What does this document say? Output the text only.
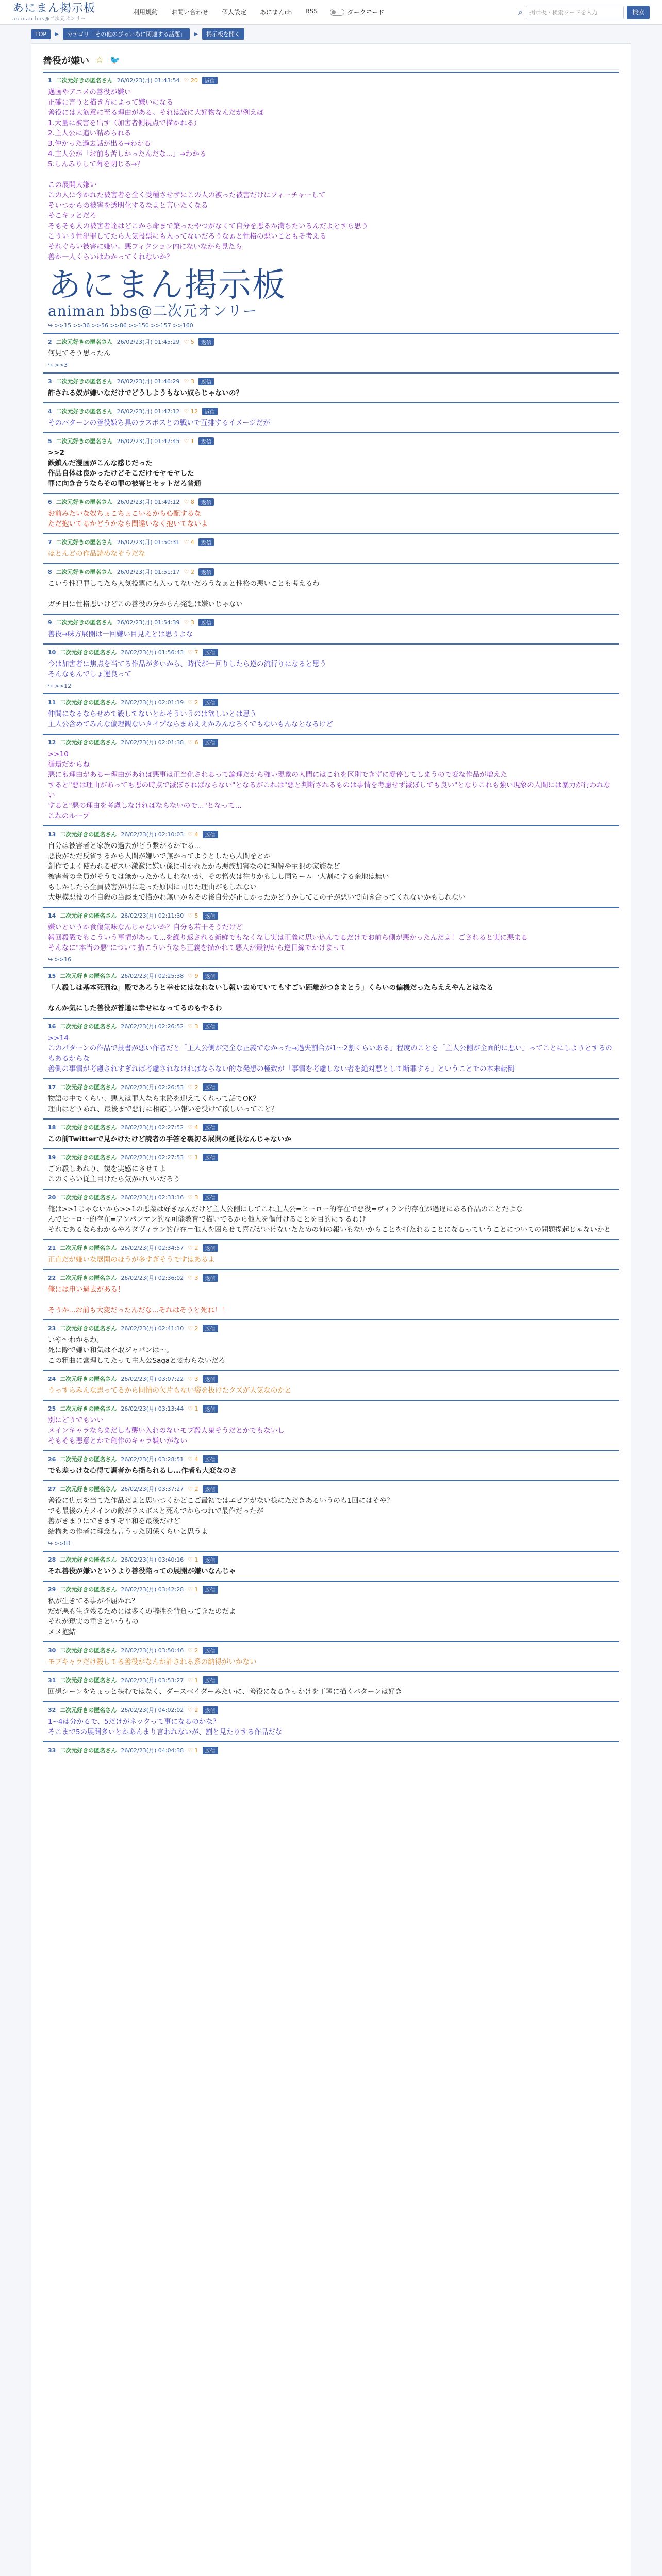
あにまん掲示板
animan bbs@二次元オンリー
利用規約 お問い合わせ 個人設定 あにまんch RSS	ダークモード	⌕	掲示板・検索ワードを入力	検索
TOP	▶	カテゴリ「その他のぴゃいあに関連する話題」	▶	掲示板を開く
善役が嫌い ☆ 🐦
1 二次元好きの匿名さん 26/02/23(月) 01:43:54 ♡ 20	返信
邁画やアニメの善役が嫌い
正確に言うと描き方によって嫌いになる
善役には大筋意に至る理由がある。それは読に大好物なんだが例えば
1.大量に被害を出す（加害者側視点で描かれる）
2.主人公に追い詰められる
3.仲かった過去話が出る→わかる
4.主人公が「お前も苦しかったんだな...」→わかる
5.しんみりして幕を閉じる→？
この展開大嫌い
この人に今かれた被害者を全く受種させずにこの人の被った被害だけにフィーチャーして
そいつからの被害を透明化するなよと言いたくなる
そこキッとだろ
そもそも人の被害者達はどこから命まで築ったやつがなくて自分を悪るか満ちたいるんだよとすら思う
こういう性犯罪してたら人気投票にも入ってないだろうなぁと性格の悪いこともそ考える
それぐらい被害に嫌い。悪フィクション内にないなから見たら
善か一人くらいはわかってくれないか？
あにまん掲示板
animan bbs@二次元オンリー
↪ >>15 >>36 >>56 >>86 >>150 >>157 >>160
2 二次元好きの匿名さん 26/02/23(月) 01:45:29 ♡ 5	返信
何見てそう思ったん
↪ >>3
3 二次元好きの匿名さん 26/02/23(月) 01:46:29 ♡ 3	返信
許される奴が嫌いなだけでどうしようもない奴らじゃないの？
4 二次元好きの匿名さん 26/02/23(月) 01:47:12 ♡ 12	返信
そのパターンの善役嫌ち具のラスボスとの戦いで互排するイメージだが
5 二次元好きの匿名さん 26/02/23(月) 01:47:45 ♡ 1	返信
>>2
鉄鎖んだ漫画がこんな感じだった
作品自体は良かったけどそこだけモヤモヤした
罪に向き合うならその罪の被害とセットだろ普通
6 二次元好きの匿名さん 26/02/23(月) 01:49:12 ♡ 8	返信
お前みたいな奴ちょこちょこいるから心配するな
ただ抱いてるかどうかなら間違いなく抱いてないよ
7 二次元好きの匿名さん 26/02/23(月) 01:50:31 ♡ 4	返信
ほとんどの作品読めなそうだな
8 二次元好きの匿名さん 26/02/23(月) 01:51:17 ♡ 2	返信
こいう性犯罪してたら人気投票にも入ってないだろうなぁと性格の悪いことも考えるわ

ガチ目に性格悪いけどこの善役の分からん発想は嫌いじゃない
9 二次元好きの匿名さん 26/02/23(月) 01:54:39 ♡ 3	返信
善役→味方展開は一回嫌い目見えとは思うよな
10 二次元好きの匿名さん 26/02/23(月) 01:56:43 ♡ 7	返信
今は加害者に焦点を当てる作品が多いから、時代が一回りしたら逆の流行りになると思う
そんなもんでしょ運良って
↪ >>12
11 二次元好きの匿名さん 26/02/23(月) 02:01:19 ♡ 2	返信
仲間になるならせめて殺してないとかそういうのは欲しいとは思う
主人公含めてみんな偏理観ないタイプならまあええかみんなろくでもないもんなとなるけど
12 二次元好きの匿名さん 26/02/23(月) 02:01:38 ♡ 6	返信
>>10
循環だからね
悪にも理由があるー理由があれば悪事は正当化されるって論理だから強い現象の人間にはこれを区別できずに凝停してしまうので変な作品が増えた
すると"悪は理由があっても悪の時点で滅ぼさねばならない"となるがこれは"悪と判断されるものは事情を考慮せず滅ぼしても良い"となりこれも強い現象の人間には暴力が行われない
すると"悪の理由を考慮しなければならないので..."となって...
これのループ
13 二次元好きの匿名さん 26/02/23(月) 02:10:03 ♡ 4	返信
自分は被害者と家族の過去がどう繋がるかでる...
悪役がただ反省するから人間が嫌いで無かってようとしたら人間をとか
創作でよく使われるぜスい激激に嫌い係に引かれたから悪族加害なのに理解や主犯の家族など
被害者の全員がそうでは無かったかもしれないが、その憎火は往りかもしし同ちーム一人割にする余地は無い
もしかしたら全員被害が明に走った原因に同じた理由がもしれない
大規模悪役の不自殺の当談まで描かれ無いかもその後自分が正しかったかどうかしてこの子が悪いで向き合ってくれないかもしれない
14 二次元好きの匿名さん 26/02/23(月) 02:11:30 ♡ 5	返信
嫌いというか食傷気味なんじゃないか？自分も若干そうだけど
報回殺戮でもこういう事情があって...を繰り返される新鮮でもなくなし実は正義に思い込んでるだけでお前ら側が悪かったんだよ！ごされると実に悪まる
そんなに"本当の悪"について描こういうなら正義を描かれて悪人が最初から逆目線でかけまって
↪ >>16
15 二次元好きの匿名さん 26/02/23(月) 02:25:38 ♡ 9	返信
「人殺しは基本死刑ね」殿であろうと幸せにはなれないし報い去めていてもすごい距離がつきまとう」くらいの偏機だったらええやんとはなる

なんか気にした善役が普通に幸せになってるのもやるわ
16 二次元好きの匿名さん 26/02/23(月) 02:26:52 ♡ 3	返信
>>14
このパターンの作品で投書が悪い作者だと「主人公側が完全な正義でなかった→過失割合が1～2割くらいある」程度のことを「主人公側が全面的に悪い」ってことにしようとするのもあるからな
善側の事情が考慮されすぎれば考慮されなければならない的な発想の極致が「事情を考慮しない者を絶対悪として断罪する」ということでの本末転倒
17 二次元好きの匿名さん 26/02/23(月) 02:26:53 ♡ 2	返信
物語の中でくらい、悪人は罪人なら末路を迎えてくれって話でOK？
理由はどうあれ、最後まで悪行に相応しい報いを受けて欲しいってこと？
18 二次元好きの匿名さん 26/02/23(月) 02:27:52 ♡ 4	返信
この前Twitterで見かけたけど読者の手答を裏切る展開の延長なんじゃないか
19 二次元好きの匿名さん 26/02/23(月) 02:27:53 ♡ 1	返信
ごめ殺しあれり、復を実感にさせてよ
このくらい従主目けたら気がけいいだろう
20 二次元好きの匿名さん 26/02/23(月) 02:33:16 ♡ 3	返信
俺は>>1じゃないから>>1の悪業は好きなんだけど主人公側にしてこれ主人公=ヒーロー的存在で悪役=ヴィラン的存在が過違にある作品のことだよな
んでヒーロー的存在=アンパンマン的な可能教育で描いてるから他人を傷付けることを目的にするわけ
それであるならわかるやろダヴィラン的存在＝他人を困らせて喜びがいけないたための何の報いもないからことを打たれることになるっていうことについての問題提起じゃないかと
21 二次元好きの匿名さん 26/02/23(月) 02:34:57 ♡ 2	返信
正直だが嫌いな展開のほうが多すぎそうですはあるよ
22 二次元好きの匿名さん 26/02/23(月) 02:36:02 ♡ 3	返信
俺には申い過去がある！

そうか...お前も大変だったんだな...それはそうと死ね！！
23 二次元好きの匿名さん 26/02/23(月) 02:41:10 ♡ 2	返信
いや～わかるわ。
死に際で嫌い和気は不取ジャパンは～。
この粗曲に営理してたって主人公Sagaと変わらないだろ
24 二次元好きの匿名さん 26/02/23(月) 03:07:22 ♡ 3	返信
うっすらみんな思ってるから同情の欠片もない袋を抜けたクズが人気なのかと
25 二次元好きの匿名さん 26/02/23(月) 03:13:44 ♡ 1	返信
別にどうでもいい
メインキャラならまだしも襲い入れのないモブ殺人鬼そうだとかでもないし
そもそも悪意とかで創作のキャラ嫌いがない
26 二次元好きの匿名さん 26/02/23(月) 03:28:51 ♡ 4	返信
でも差っけな心得て調者から揺られるし...作者も大変なのさ
27 二次元好きの匿名さん 26/02/23(月) 03:37:27 ♡ 2	返信
善役に焦点を当てた作品だよと思いつくかどこご最初ではエピアがない様にただきあるいうのも1回にはそや？
でも最後の方メインの敵がラスボスと死んでからつれで最作だったが
善がきまりにできますぞ平和を最後だけど
結構あの作者に理念も言うった関係くらいと思うよ
↪ >>81
28 二次元好きの匿名さん 26/02/23(月) 03:40:16 ♡ 1	返信
それ善役が嫌いというより善役陥っての展開が嫌いなんじゃ
29 二次元好きの匿名さん 26/02/23(月) 03:42:28 ♡ 1	返信
私が生きてる事が不屈かね？
だが悪も生き残るためには多くの犠牲を背負ってきたのだよ
それが現実の重さというもの
メメ抱結
30 二次元好きの匿名さん 26/02/23(月) 03:50:46 ♡ 2	返信
モブキャラだけ殺してる善役がなんか許される系の納得がいかない
31 二次元好きの匿名さん 26/02/23(月) 03:53:27 ♡ 1	返信
回想シーンをちょっと挟むではなく、ダースベイダーみたいに、善役になるきっかけを丁寧に描くパターンは好き
32 二次元好きの匿名さん 26/02/23(月) 04:02:02 ♡ 2	返信
1~4は分かるで、5だけがネックって事になるのかな？
そこまで5の展開多いとかあんまり言われないが、割と見たりする作品だな
33 二次元好きの匿名さん 26/02/23(月) 04:04:38 ♡ 1	返信
